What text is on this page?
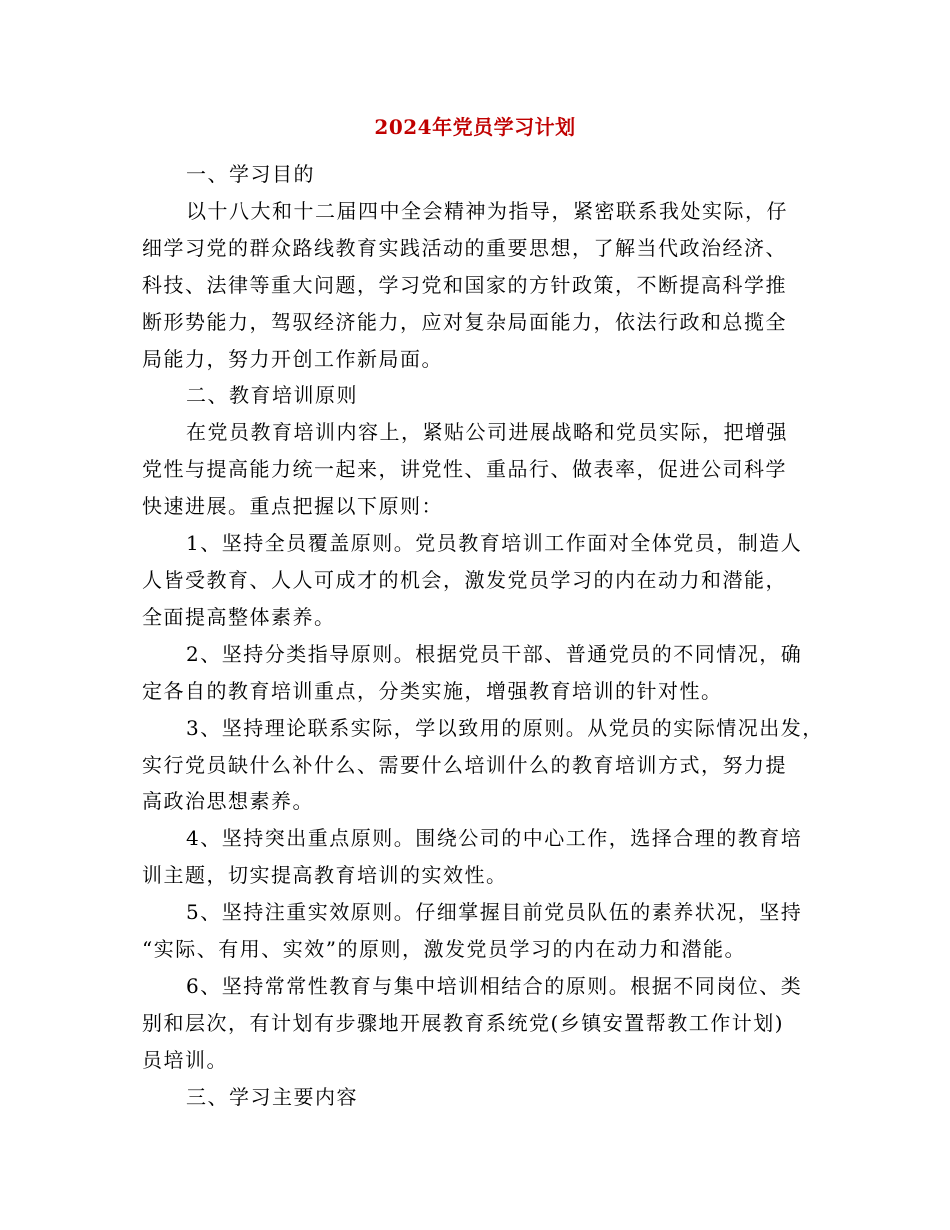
2024年党员学习计划
一、学习目的
以十八大和十二届四中全会精神为指导，紧密联系我处实际，仔
细学习党的群众路线教育实践活动的重要思想，了解当代政治经济、
科技、法律等重大问题，学习党和国家的方针政策，不断提高科学推
断形势能力，驾驭经济能力，应对复杂局面能力，依法行政和总揽全
局能力，努力开创工作新局面。
二、教育培训原则
在党员教育培训内容上，紧贴公司进展战略和党员实际，把增强
党性与提高能力统一起来，讲党性、重品行、做表率，促进公司科学
快速进展。重点把握以下原则：
1、坚持全员覆盖原则。党员教育培训工作面对全体党员，制造人
人皆受教育、人人可成才的机会，激发党员学习的内在动力和潜能，
全面提高整体素养。
2、坚持分类指导原则。根据党员干部、普通党员的不同情况，确
定各自的教育培训重点，分类实施，增强教育培训的针对性。
3、坚持理论联系实际，学以致用的原则。从党员的实际情况出发，
实行党员缺什么补什么、需要什么培训什么的教育培训方式，努力提
高政治思想素养。
4、坚持突出重点原则。围绕公司的中心工作，选择合理的教育培
训主题，切实提高教育培训的实效性。
5、坚持注重实效原则。仔细掌握目前党员队伍的素养状况，坚持
“实际、有用、实效”的原则，激发党员学习的内在动力和潜能。
6、坚持常常性教育与集中培训相结合的原则。根据不同岗位、类
别和层次，有计划有步骤地开展教育系统党(乡镇安置帮教工作计划)
员培训。
三、学习主要内容
